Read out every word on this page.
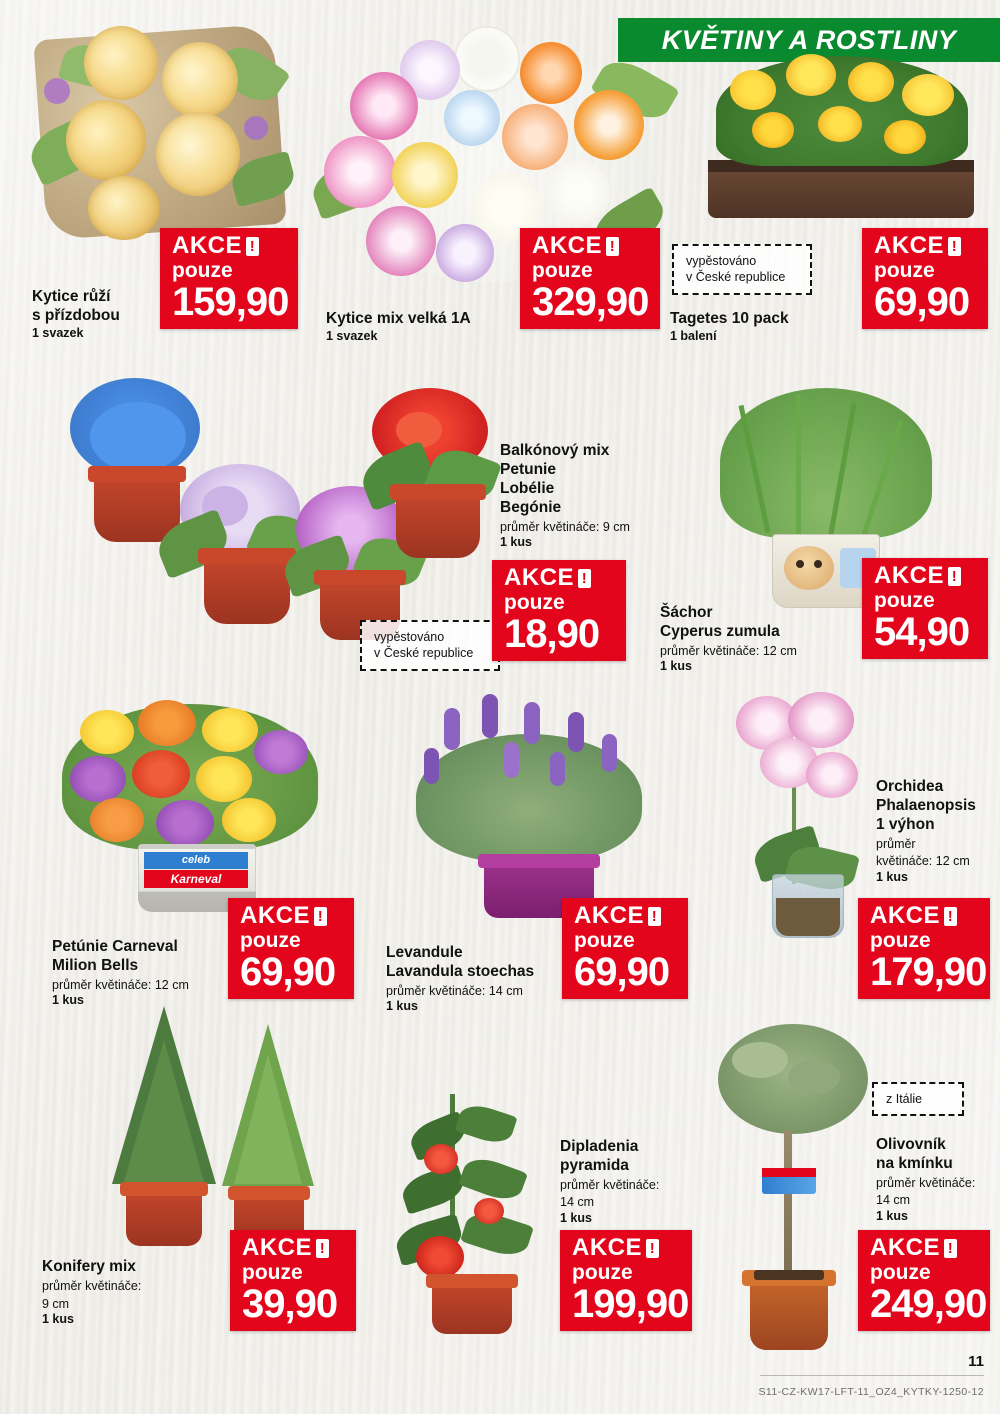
KVĚTINY A ROSTLINY
AKCE !
pouze
159,90
Kytice růží
s přízdobou
1 svazek
AKCE !
pouze
329,90
Kytice mix velká 1A
1 svazek
vypěstováno
v České republice
AKCE !
pouze
69,90
Tagetes 10 pack
1 balení
Balkónový mix
Petunie
Lobélie
Begónie
průměr květináče: 9 cm
1 kus
vypěstováno
v České republice
AKCE !
pouze
18,90
AKCE !
pouze
54,90
Šáchor
Cyperus zumula
průměr květináče: 12 cm
1 kus
celeb
Karneval
AKCE !
pouze
69,90
Petúnie Carneval
Milion Bells
průměr květináče: 12 cm
1 kus
AKCE !
pouze
69,90
Levandule
Lavandula stoechas
průměr květináče: 14 cm
1 kus
Orchidea
Phalaenopsis
1 výhon
průměr
květináče: 12 cm
1 kus
AKCE !
pouze
179,90
AKCE !
pouze
39,90
Konifery mix
průměr květináče:
9 cm
1 kus
Dipladenia
pyramida
průměr květináče:
14 cm
1 kus
AKCE !
pouze
199,90
z Itálie
Olivovník
na kmínku
průměr květináče:
14 cm
1 kus
AKCE !
pouze
249,90
11
S11-CZ-KW17-LFT-11_OZ4_KYTKY-1250-12
